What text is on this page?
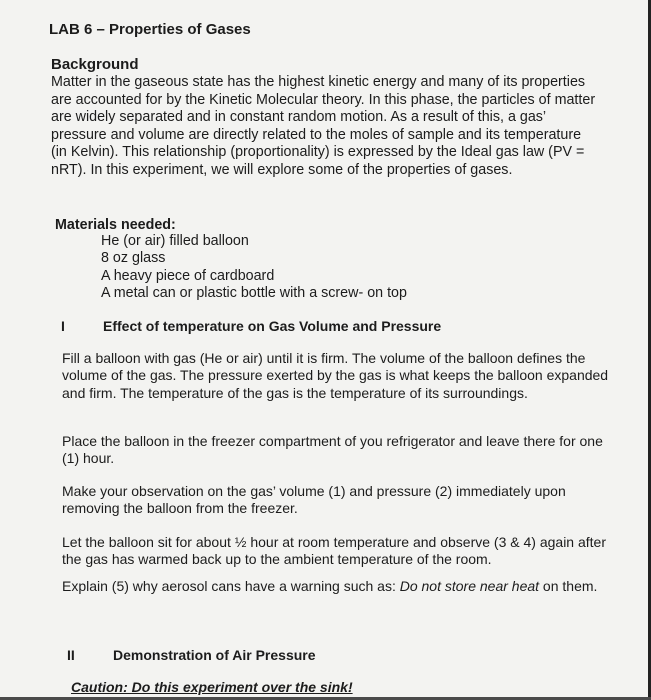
LAB 6 – Properties of Gases
Background
Matter in the gaseous state has the highest kinetic energy and many of its properties are accounted for by the Kinetic Molecular theory. In this phase, the particles of matter are widely separated and in constant random motion. As a result of this, a gas’ pressure and volume are directly related to the moles of sample and its temperature (in Kelvin). This relationship (proportionality) is expressed by the Ideal gas law (PV = nRT). In this experiment, we will explore some of the properties of gases.
Materials needed:
He (or air) filled balloon
8 oz glass
A heavy piece of cardboard
A metal can or plastic bottle with a screw- on top
I	Effect of temperature on Gas Volume and Pressure

Fill a balloon with gas (He or air) until it is firm. The volume of the balloon defines the volume of the gas. The pressure exerted by the gas is what keeps the balloon expanded and firm. The temperature of the gas is the temperature of its surroundings.

Place the balloon in the freezer compartment of you refrigerator and leave there for one (1) hour.

Make your observation on the gas’ volume (1) and pressure (2) immediately upon removing the balloon from the freezer.

Let the balloon sit for about ½ hour at room temperature and observe (3 & 4) again after the gas has warmed back up to the ambient temperature of the room.

Explain (5) why aerosol cans have a warning such as: Do not store near heat on them.

II	Demonstration of Air Pressure
Caution: Do this experiment over the sink!
